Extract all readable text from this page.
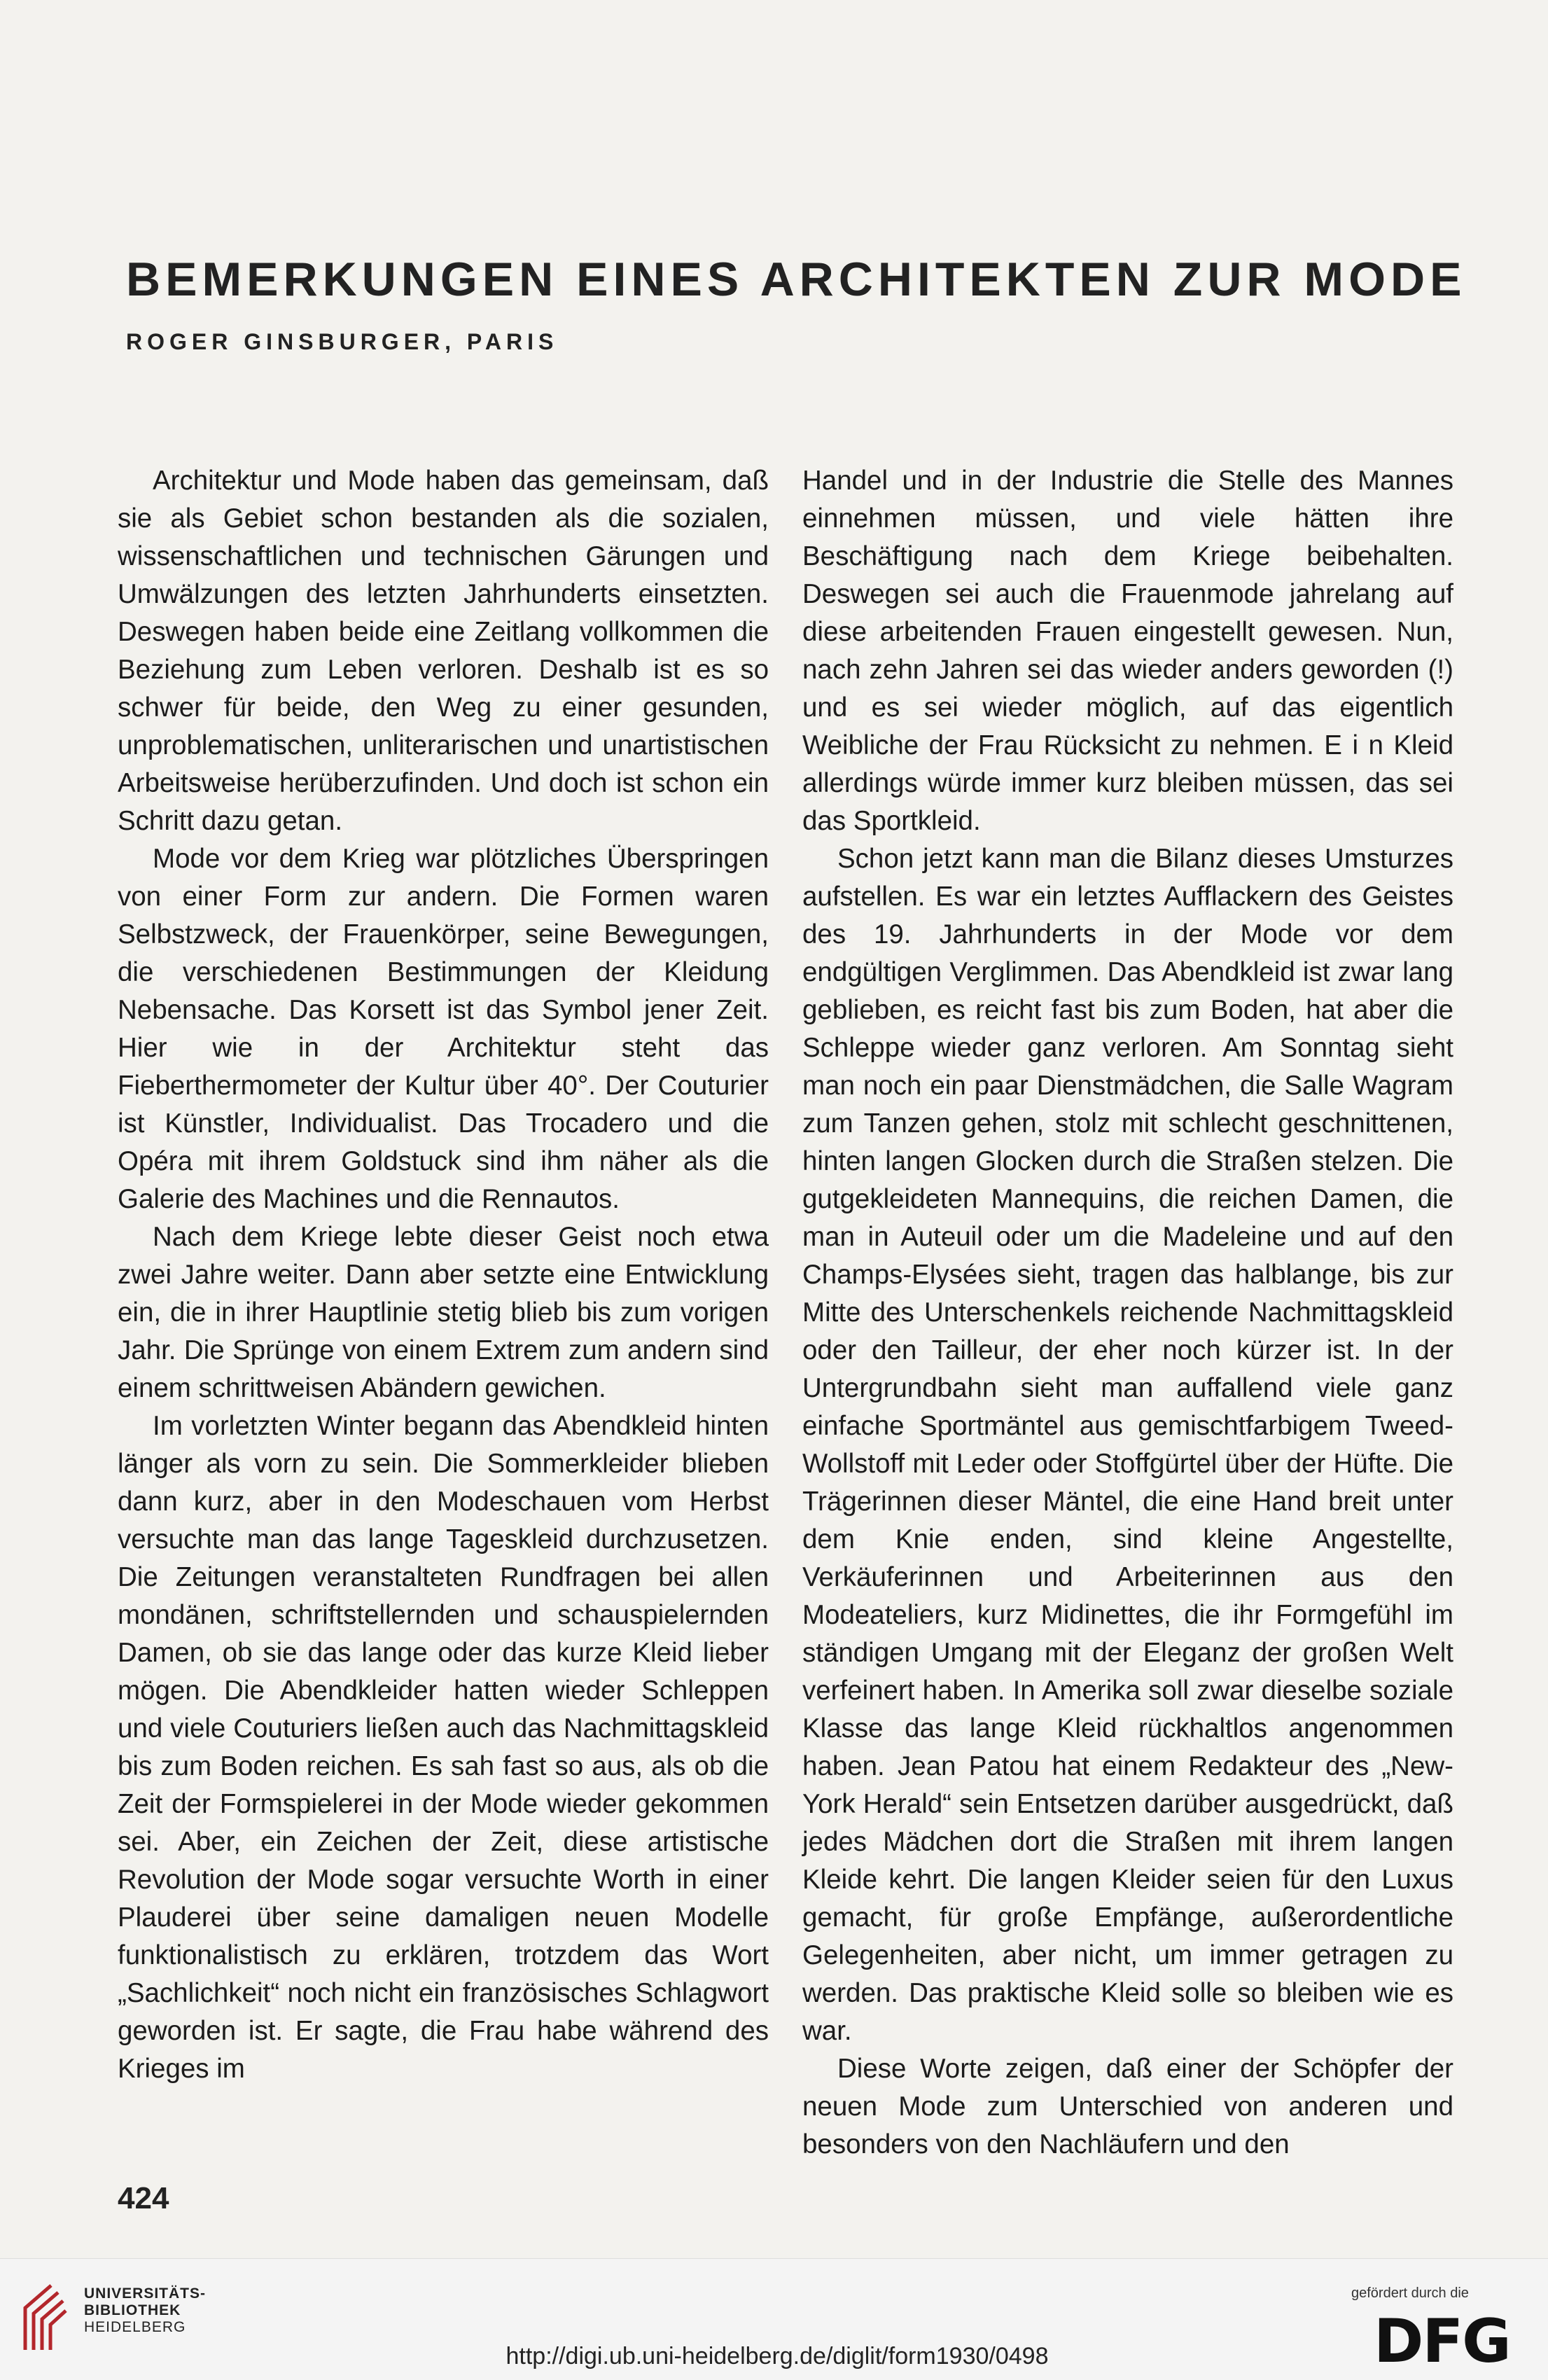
BEMERKUNGEN EINES ARCHITEKTEN ZUR MODE
ROGER GINSBURGER, PARIS

Architektur und Mode haben das gemeinsam, daß sie als Gebiet schon bestanden als die sozialen, wissenschaftlichen und technischen Gärungen und Umwälzungen des letzten Jahrhunderts einsetzten. Deswegen haben beide eine Zeitlang vollkommen die Beziehung zum Leben verloren. Deshalb ist es so schwer für beide, den Weg zu einer gesunden, unproblematischen, unliterarischen und unartistischen Arbeitsweise herüberzufinden. Und doch ist schon ein Schritt dazu getan.

Mode vor dem Krieg war plötzliches Überspringen von einer Form zur andern. Die Formen waren Selbstzweck, der Frauenkörper, seine Bewegungen, die verschiedenen Bestimmungen der Kleidung Nebensache. Das Korsett ist das Symbol jener Zeit. Hier wie in der Architektur steht das Fieberthermometer der Kultur über 40°. Der Couturier ist Künstler, Individualist. Das Trocadero und die Opéra mit ihrem Goldstuck sind ihm näher als die Galerie des Machines und die Rennautos.

Nach dem Kriege lebte dieser Geist noch etwa zwei Jahre weiter. Dann aber setzte eine Entwicklung ein, die in ihrer Hauptlinie stetig blieb bis zum vorigen Jahr. Die Sprünge von einem Extrem zum andern sind einem schrittweisen Abändern gewichen.

Im vorletzten Winter begann das Abendkleid hinten länger als vorn zu sein. Die Sommerkleider blieben dann kurz, aber in den Modeschauen vom Herbst versuchte man das lange Tageskleid durchzusetzen. Die Zeitungen veranstalteten Rundfragen bei allen mondänen, schriftstellernden und schauspielernden Damen, ob sie das lange oder das kurze Kleid lieber mögen. Die Abendkleider hatten wieder Schleppen und viele Couturiers ließen auch das Nachmittagskleid bis zum Boden reichen. Es sah fast so aus, als ob die Zeit der Formspielerei in der Mode wieder gekommen sei. Aber, ein Zeichen der Zeit, diese artistische Revolution der Mode sogar versuchte Worth in einer Plauderei über seine damaligen neuen Modelle funktionalistisch zu erklären, trotzdem das Wort „Sachlichkeit“ noch nicht ein französisches Schlagwort geworden ist. Er sagte, die Frau habe während des Krieges im

Handel und in der Industrie die Stelle des Mannes einnehmen müssen, und viele hätten ihre Beschäftigung nach dem Kriege beibehalten. Deswegen sei auch die Frauenmode jahrelang auf diese arbeitenden Frauen eingestellt gewesen. Nun, nach zehn Jahren sei das wieder anders geworden (!) und es sei wieder möglich, auf das eigentlich Weibliche der Frau Rücksicht zu nehmen. E i n Kleid allerdings würde immer kurz bleiben müssen, das sei das Sportkleid.

Schon jetzt kann man die Bilanz dieses Umsturzes aufstellen. Es war ein letztes Aufflackern des Geistes des 19. Jahrhunderts in der Mode vor dem endgültigen Verglimmen. Das Abendkleid ist zwar lang geblieben, es reicht fast bis zum Boden, hat aber die Schleppe wieder ganz verloren. Am Sonntag sieht man noch ein paar Dienstmädchen, die Salle Wagram zum Tanzen gehen, stolz mit schlecht geschnittenen, hinten langen Glocken durch die Straßen stelzen. Die gutgekleideten Mannequins, die reichen Damen, die man in Auteuil oder um die Madeleine und auf den Champs-Elysées sieht, tragen das halblange, bis zur Mitte des Unterschenkels reichende Nachmittagskleid oder den Tailleur, der eher noch kürzer ist. In der Untergrundbahn sieht man auffallend viele ganz einfache Sportmäntel aus gemischtfarbigem Tweed-Wollstoff mit Leder oder Stoffgürtel über der Hüfte. Die Trägerinnen dieser Mäntel, die eine Hand breit unter dem Knie enden, sind kleine Angestellte, Verkäuferinnen und Arbeiterinnen aus den Modeateliers, kurz Midinettes, die ihr Formgefühl im ständigen Umgang mit der Eleganz der großen Welt verfeinert haben. In Amerika soll zwar dieselbe soziale Klasse das lange Kleid rückhaltlos angenommen haben. Jean Patou hat einem Redakteur des „New-York Herald“ sein Entsetzen darüber ausgedrückt, daß jedes Mädchen dort die Straßen mit ihrem langen Kleide kehrt. Die langen Kleider seien für den Luxus gemacht, für große Empfänge, außerordentliche Gelegenheiten, aber nicht, um immer getragen zu werden. Das praktische Kleid solle so bleiben wie es war.

Diese Worte zeigen, daß einer der Schöpfer der neuen Mode zum Unterschied von anderen und besonders von den Nachläufern und den

424
UNIVERSITÄTS-
BIBLIOTHEK
HEIDELBERG
http://digi.ub.uni-heidelberg.de/diglit/form1930/0498
gefördert durch die
DFG
